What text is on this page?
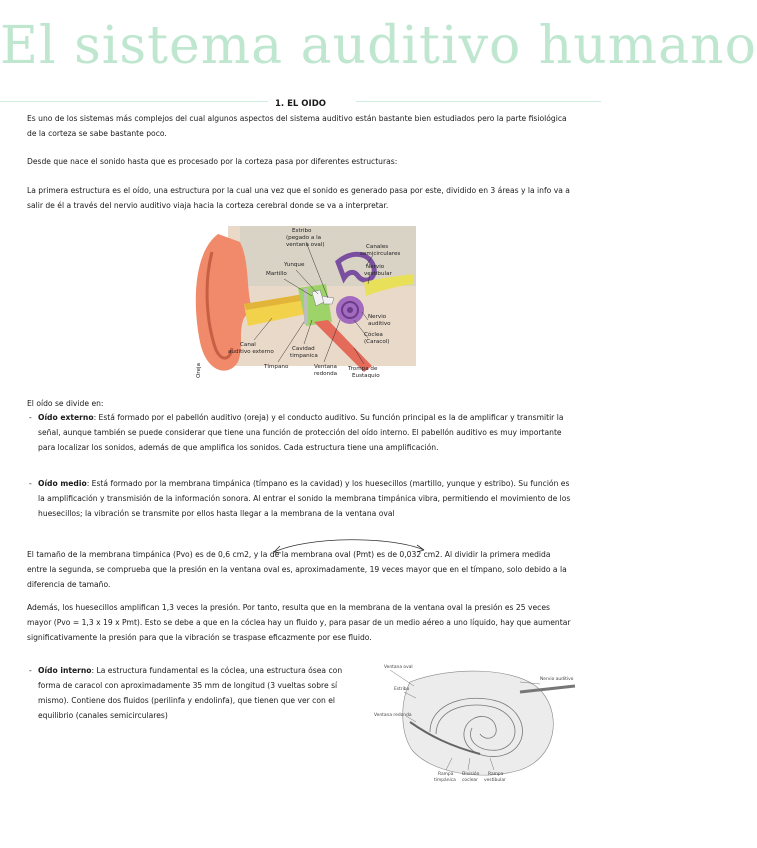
El sistema auditivo humano
1. EL OIDO
Es uno de los sistemas más complejos del cual algunos aspectos del sistema auditivo están bastante bien estudiados pero la parte fisiológica de la corteza se sabe bastante poco.
Desde que nace el sonido hasta que es procesado por la corteza pasa por diferentes estructuras:
La primera estructura es el oído, una estructura por la cual una vez que el sonido es generado pasa por este, dividido en 3 áreas y la info va a salir de él a través del nervio auditivo viaja hacia la corteza cerebral donde se va a interpretar.
Estribo
(pegado a la
ventana oval)	Canales
semicirculares
Yunque
Martillo
Nervio
vestibular
Nervio
auditivo
Cóclea
(Caracol)
Canal
auditivo externo	Cavidad
timpanica
Tímpano	Ventana
redonda
Trompa de
Eustaquio
Oreja
El oído se divide en:
- Oído externo: Está formado por el pabellón auditivo (oreja) y el conducto auditivo. Su función principal es la de amplificar y transmitir la señal, aunque también se puede considerar que tiene una función de protección del oído interno. El pabellón auditivo es muy importante para localizar los sonidos, además de que amplifica los sonidos. Cada estructura tiene una amplificación.
- Oído medio: Está formado por la membrana timpánica (tímpano es la cavidad) y los huesecillos (martillo, yunque y estribo). Su función es la amplificación y transmisión de la información sonora. Al entrar el sonido la membrana timpánica vibra, permitiendo el movimiento de los huesecillos; la vibración se transmite por ellos hasta llegar a la membrana de la ventana oval
El tamaño de la membrana timpánica (Pvo) es de 0,6 cm2, y la de la membrana oval (Pmt) es de 0,032 cm2. Al dividir la primera medida entre la segunda, se comprueba que la presión en la ventana oval es, aproximadamente, 19 veces mayor que en el tímpano, solo debido a la diferencia de tamaño.
Además, los huesecillos amplifican 1,3 veces la presión. Por tanto, resulta que en la membrana de la ventana oval la presión es 25 veces mayor (Pvo = 1,3 x 19 x Pmt). Esto se debe a que en la cóclea hay un fluido y, para pasar de un medio aéreo a uno líquido, hay que aumentar significativamente la presión para que la vibración se traspase eficazmente por ese fluido.
- Oído interno: La estructura fundamental es la cóclea, una estructura ósea con forma de caracol con aproximadamente 35 mm de longitud (3 vueltas sobre sí mismo). Contiene dos fluidos (perilinfa y endolinfa), que tienen que ver con el equilibrio (canales semicirculares)
Ventana oval
Nervio auditivo
Estribo
Ventana redonda
Rampa
timpánica
División
coclear
Rampa
vestibular
